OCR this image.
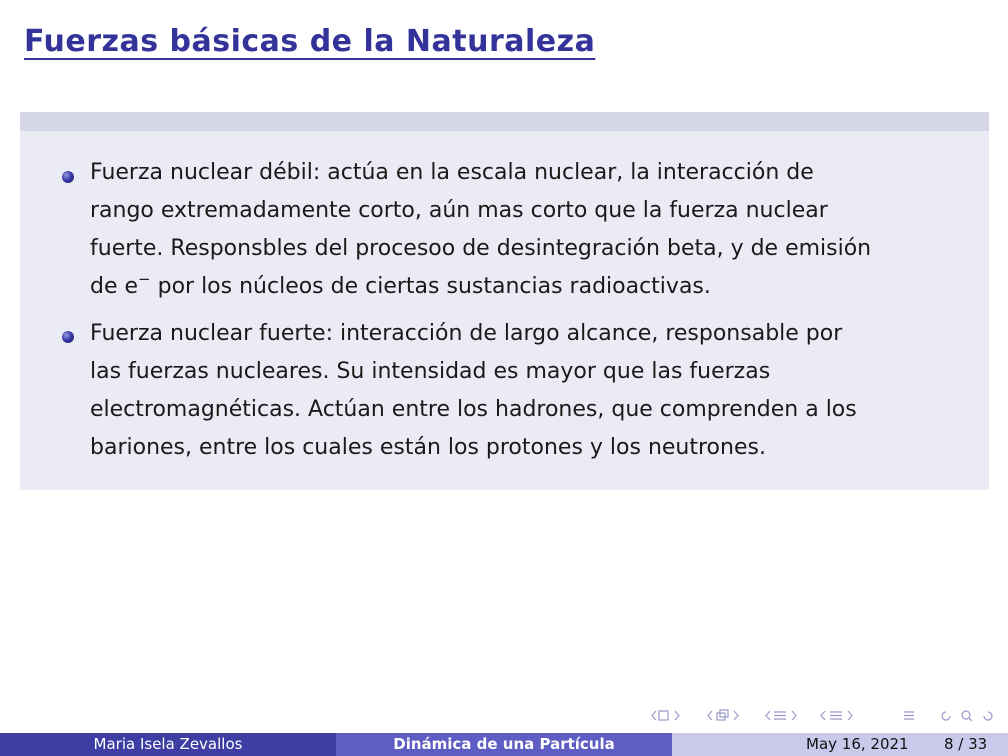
Fuerzas básicas de la Naturaleza
Fuerza nuclear débil: actúa en la escala nuclear, la interacción de
rango extremadamente corto, aún mas corto que la fuerza nuclear
fuerte. Responsbles del procesoo de desintegración beta, y de emisión
de e− por los núcleos de ciertas sustancias radioactivas.
Fuerza nuclear fuerte: interacción de largo alcance, responsable por
las fuerzas nucleares. Su intensidad es mayor que las fuerzas
electromagnéticas. Actúan entre los hadrones, que comprenden a los
bariones, entre los cuales están los protones y los neutrones.
Maria Isela Zevallos	Dinámica de una Partícula	May 16, 2021 8 / 33
